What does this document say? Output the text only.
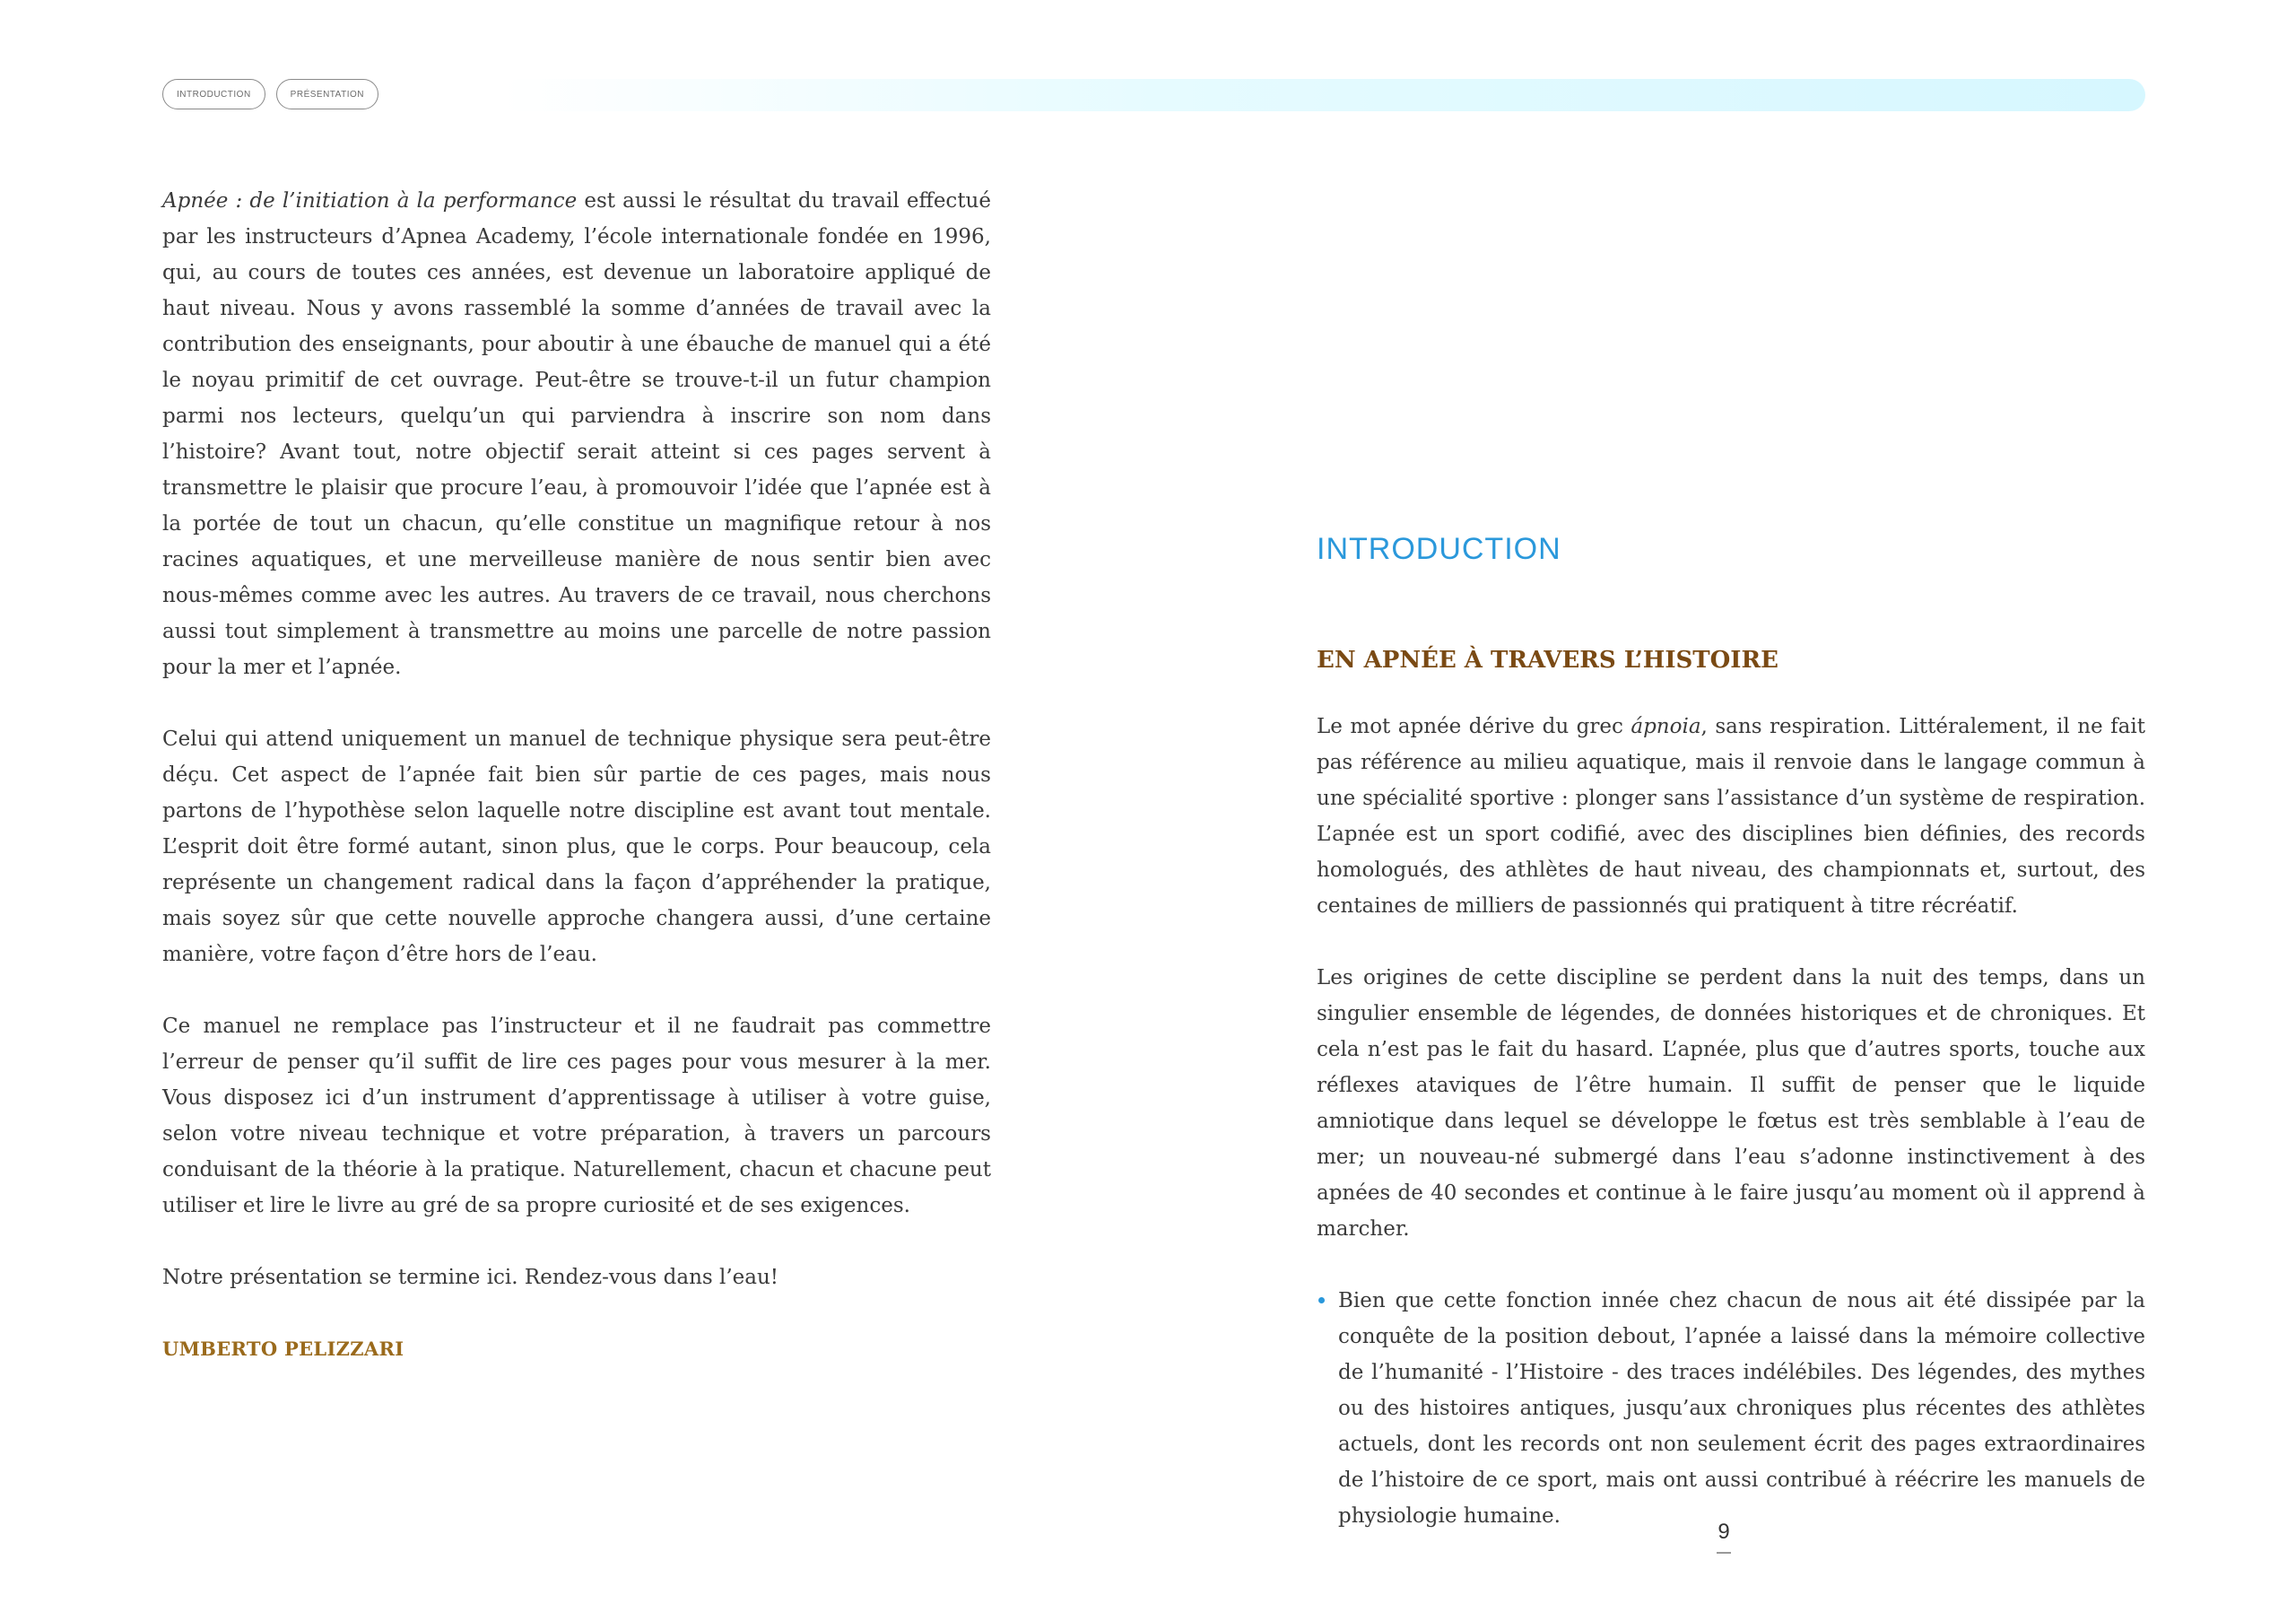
INTRODUCTION	PRÉSENTATION

Apnée : de l’initiation à la performance est aussi le résultat du travail effectué par les instructeurs d’Apnea Academy, l’école internationale fondée en 1996, qui, au cours de toutes ces années, est devenue un laboratoire appliqué de haut niveau. Nous y avons rassemblé la somme d’années de travail avec la contribution des enseignants, pour aboutir à une ébauche de manuel qui a été le noyau primitif de cet ouvrage. Peut-être se trouve-t-il un futur champion parmi nos lecteurs, quelqu’un qui parviendra à inscrire son nom dans l’histoire? Avant tout, notre objectif serait atteint si ces pages servent à transmettre le plaisir que procure l’eau, à promouvoir l’idée que l’apnée est à la portée de tout un chacun, qu’elle constitue un magnifique retour à nos racines aquatiques, et une merveilleuse manière de nous sentir bien avec nous-mêmes comme avec les autres. Au travers de ce travail, nous cherchons aussi tout simplement à transmettre au moins une parcelle de notre passion pour la mer et l’apnée.

Celui qui attend uniquement un manuel de technique physique sera peut-être déçu. Cet aspect de l’apnée fait bien sûr partie de ces pages, mais nous partons de l’hypothèse selon laquelle notre discipline est avant tout mentale. L’esprit doit être formé autant, sinon plus, que le corps. Pour beaucoup, cela représente un changement radical dans la façon d’appréhender la pratique, mais soyez sûr que cette nouvelle approche changera aussi, d’une certaine manière, votre façon d’être hors de l’eau.

Ce manuel ne remplace pas l’instructeur et il ne faudrait pas commettre l’erreur de penser qu’il suffit de lire ces pages pour vous mesurer à la mer. Vous disposez ici d’un instrument d’apprentissage à utiliser à votre guise, selon votre niveau technique et votre préparation, à travers un parcours conduisant de la théorie à la pratique. Naturellement, chacun et chacune peut utiliser et lire le livre au gré de sa propre curiosité et de ses exigences.

Notre présentation se termine ici. Rendez-vous dans l’eau!

UMBERTO PELIZZARI

INTRODUCTION
EN APNÉE À TRAVERS L’HISTOIRE

Le mot apnée dérive du grec ápnoia, sans respiration. Littéralement, il ne fait pas référence au milieu aquatique, mais il renvoie dans le langage commun à une spécialité sportive : plonger sans l’assistance d’un système de respiration. L’apnée est un sport codifié, avec des disciplines bien définies, des records homologués, des athlètes de haut niveau, des championnats et, surtout, des centaines de milliers de passionnés qui pratiquent à titre récréatif.

Les origines de cette discipline se perdent dans la nuit des temps, dans un singulier ensemble de légendes, de données historiques et de chroniques. Et cela n’est pas le fait du hasard. L’apnée, plus que d’autres sports, touche aux réflexes ataviques de l’être humain. Il suffit de penser que le liquide amniotique dans lequel se développe le fœtus est très semblable à l’eau de mer; un nouveau-né submergé dans l’eau s’adonne instinctivement à des apnées de 40 secondes et continue à le faire jusqu’au moment où il apprend à marcher.

Bien que cette fonction innée chez chacun de nous ait été dissipée par la conquête de la position debout, l’apnée a laissé dans la mémoire collective de l’humanité - l’Histoire - des traces indélébiles. Des légendes, des mythes ou des histoires antiques, jusqu’aux chroniques plus récentes des athlètes actuels, dont les records ont non seulement écrit des pages extraordinaires de l’histoire de ce sport, mais ont aussi contribué à réécrire les manuels de physiologie humaine.

9
